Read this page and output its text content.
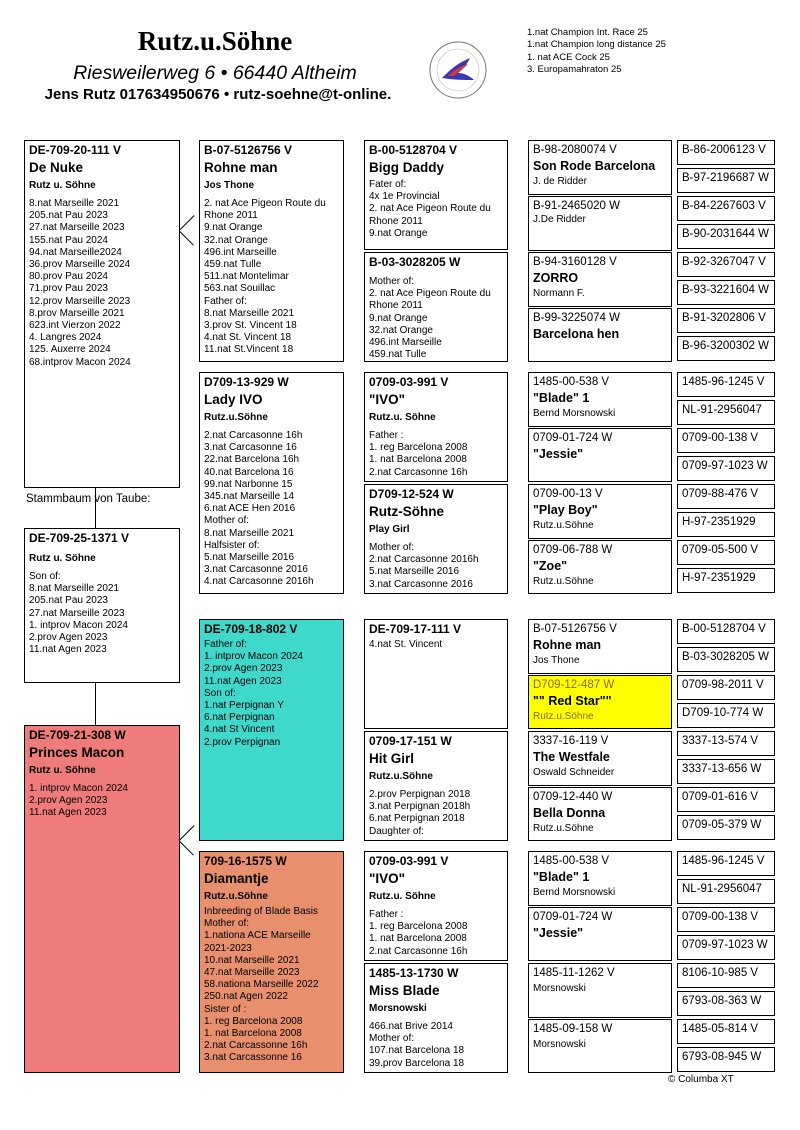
Rutz.u.Söhne
Riesweilerweg 6 • 66440 Altheim
Jens Rutz 017634950676 • rutz-soehne@t-online.
1.nat Champion Int. Race 25
1.nat Champion long distance 25
1. nat ACE Cock 25
3. Europamahraton 25
DE-709-20-111 V
De Nuke
Rutz u. Söhne
8.nat Marseille 2021
205.nat Pau 2023
27.nat Marseille 2023
155.nat Pau 2024
94.nat Marseille2024
36.prov Marseille 2024
80.prov Pau 2024
71.prov Pau 2023
12.prov Marseille 2023
8.prov Marseille 2021
623.int Vierzon 2022
4. Langres 2024
125. Auxerre 2024
68.intprov Macon 2024
Stammbaum von Taube:
DE-709-25-1371 V
Rutz u. Söhne
Son of:
8.nat Marseille 2021
205.nat Pau 2023
27.nat Marseille 2023
1. intprov Macon 2024
2.prov Agen 2023
11.nat Agen 2023
DE-709-21-308 W
Princes Macon
Rutz u. Söhne
1. intprov Macon 2024
2.prov Agen 2023
11.nat Agen 2023
B-07-5126756 V
Rohne man
Jos Thone
2. nat Ace Pigeon Route du Rhone 2011
9.nat Orange
32.nat Orange
496.int Marseille
459.nat Tulle
511.nat Montelimar
563.nat Souillac
Father of:
8.nat Marseille 2021
3.prov St. Vincent 18
4.nat St. Vincent 18
11.nat St.Vincent 18
D709-13-929 W
Lady IVO
Rutz.u.Söhne
2.nat Carcasonne 16h
3.nat Carcasonne 16
22.nat Barcelona 16h
40.nat Barcelona 16
99.nat Narbonne 15
345.nat Marseille 14
6.nat ACE Hen 2016
Mother of:
8.nat Marseille 2021
Halfsister of:
5.nat Marseille 2016
3.nat Carcasonne 2016
4.nat Carcasonne 2016h
DE-709-18-802 V
Father of:
1. intprov Macon 2024
2.prov Agen 2023
11.nat Agen 2023
Son of:
1.nat Perpignan Y
6.nat Perpignan
4.nat St Vincent
2.prov Perpignan
709-16-1575 W
Diamantje
Rutz.u.Söhne
Inbreeding of Blade Basis
Mother of:
1.nationa ACE Marseille 2021-2023
10.nat Marseille 2021
47.nat Marseille 2023
58.nationa Marseille 2022
250.nat Agen 2022
Sister of :
1. reg Barcelona 2008
1. nat Barcelona 2008
2.nat Carcassonne 16h
3.nat Carcassonne 16
B-00-5128704 V
Bigg Daddy
Fater of:
4x 1e Provincial
2. nat Ace Pigeon Route du Rhone 2011
9.nat Orange
B-03-3028205 W
Mother of:
2. nat Ace Pigeon Route du Rhone 2011
9.nat Orange
32.nat Orange
496.int Marseille
459.nat Tulle
0709-03-991 V
"IVO"
Rutz.u. Söhne
Father :
1. reg Barcelona 2008
1. nat Barcelona 2008
2.nat Carcasonne 16h
D709-12-524 W
Rutz-Söhne
Play Girl
Mother of:
2.nat Carcasonne 2016h
5.nat Marseille 2016
3.nat Carcasonne 2016
DE-709-17-111 V
4.nat St. Vincent
0709-17-151 W
Hit Girl
Rutz.u.Söhne
2.prov Perpignan 2018
3.nat Perpignan 2018h
6.nat Perpignan 2018
Daughter of:
0709-03-991 V
"IVO"
Rutz.u. Söhne
Father :
1. reg Barcelona 2008
1. nat Barcelona 2008
2.nat Carcasonne 16h
1485-13-1730 W
Miss Blade
Morsnowski
466.nat Brive 2014
Mother of:
107.nat Barcelona 18
39.prov Barcelona 18
B-98-2080074 V
Son Rode Barcelona
J. de Ridder
B-91-2465020 W
J.De Ridder
B-94-3160128 V
ZORRO
Normann F.
B-99-3225074 W
Barcelona hen
1485-00-538 V
"Blade" 1
Bernd Morsnowski
0709-01-724 W
"Jessie"
0709-00-13 V
"Play Boy"
Rutz.u.Söhne
0709-06-788 W
"Zoe"
Rutz.u.Söhne
B-07-5126756 V
Rohne man
Jos Thone
D709-12-487 W
"" Red Star""
Rutz.u.Söhne
3337-16-119 V
The Westfale
Oswald Schneider
0709-12-440 W
Bella Donna
Rutz.u.Söhne
1485-00-538 V
"Blade" 1
Bernd Morsnowski
0709-01-724 W
"Jessie"
1485-11-1262 V
Morsnowski
1485-09-158 W
Morsnowski
B-86-2006123 V
B-97-2196687 W
B-84-2267603 V
B-90-2031644 W
B-92-3267047 V
B-93-3221604 W
B-91-3202806 V
B-96-3200302 W
1485-96-1245 V
NL-91-2956047
0709-00-138 V
0709-97-1023 W
0709-88-476 V
H-97-2351929
0709-05-500 V
H-97-2351929
B-00-5128704 V
B-03-3028205 W
0709-98-2011 V
D709-10-774 W
3337-13-574 V
3337-13-656 W
0709-01-616 V
0709-05-379 W
1485-96-1245 V
NL-91-2956047
0709-00-138 V
0709-97-1023 W
8106-10-985 V
6793-08-363 W
1485-05-814 V
6793-08-945 W
© Columba XT
